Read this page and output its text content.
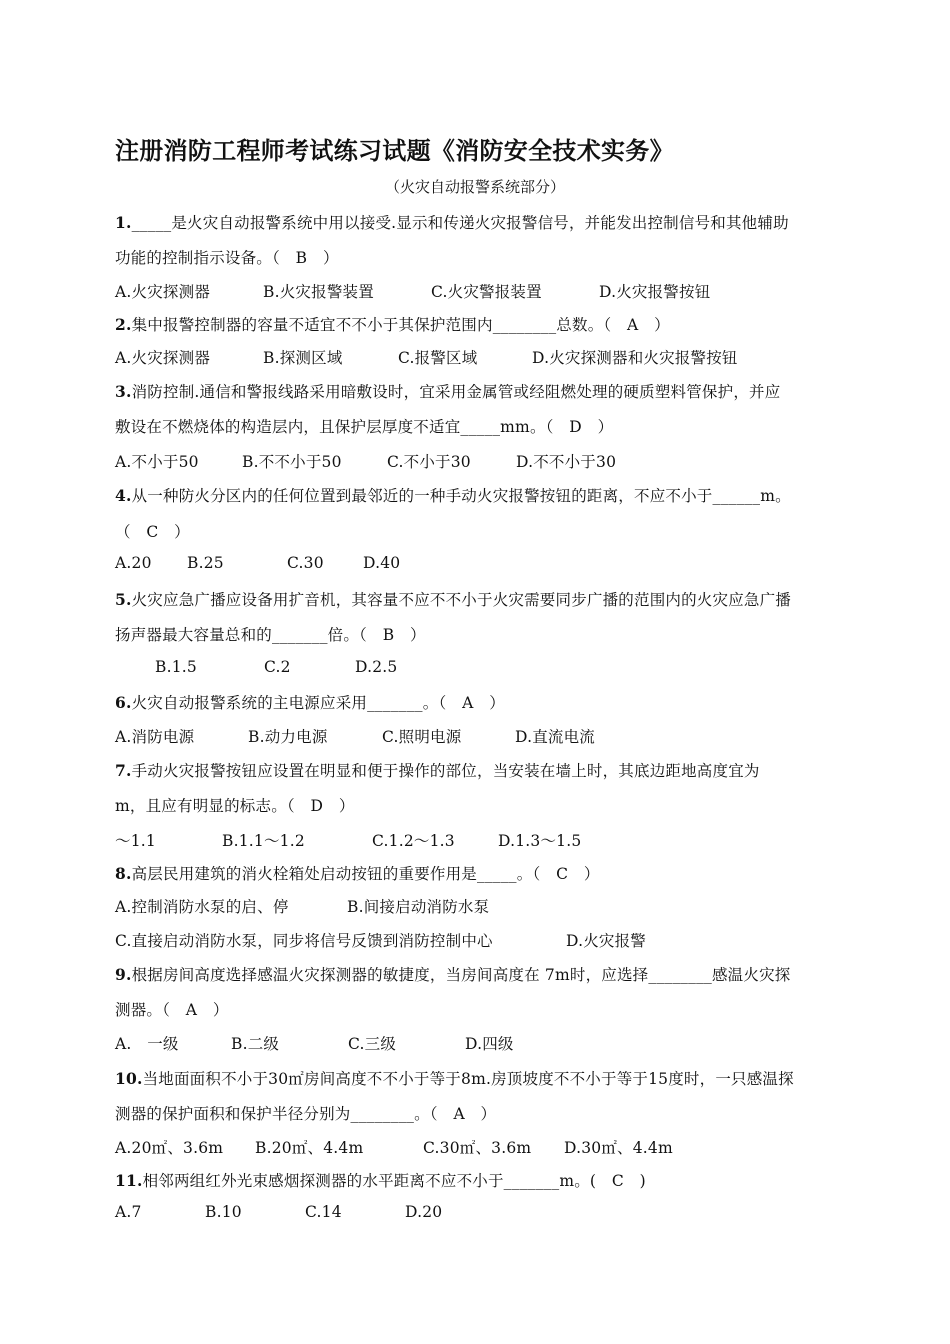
注册消防工程师考试练习试题《消防安全技术实务》
（火灾自动报警系统部分）
1._____是火灾自动报警系统中用以接受.显示和传递火灾报警信号，并能发出控制信号和其他辅助
功能的控制指示设备。（　B　）
A.火灾探测器	B.火灾报警装置	C.火灾警报装置	D.火灾报警按钮
2.集中报警控制器的容量不适宜不不小于其保护范围内________总数。（　A　）
A.火灾探测器	B.探测区域	C.报警区域	D.火灾探测器和火灾报警按钮
3.消防控制.通信和警报线路采用暗敷设时，宜采用金属管或经阻燃处理的硬质塑料管保护，并应
敷设在不燃烧体的构造层内，且保护层厚度不适宜_____mm。（　D　）
A.不小于50	B.不不小于50	C.不小于30	D.不不小于30
4.从一种防火分区内的任何位置到最邻近的一种手动火灾报警按钮的距离，不应不小于______m。
（　C　）
A.20 B.25	C.30	D.40
5.火灾应急广播应设备用扩音机，其容量不应不不小于火灾需要同步广播的范围内的火灾应急广播
扬声器最大容量总和的_______倍。（　B　）
B.1.5	C.2	D.2.5
6.火灾自动报警系统的主电源应采用_______。（　A　）
A.消防电源	B.动力电源	C.照明电源	D.直流电流
7.手动火灾报警按钮应设置在明显和便于操作的部位，当安装在墙上时，其底边距地高度宜为
m，且应有明显的标志。（　D　）
～1.1	B.1.1～1.2	C.1.2～1.3	D.1.3～1.5
8.高层民用建筑的消火栓箱处启动按钮的重要作用是_____。（　C　）
A.控制消防水泵的启、停	B.间接启动消防水泵
C.直接启动消防水泵，同步将信号反馈到消防控制中心	D.火灾报警
9.根据房间高度选择感温火灾探测器的敏捷度，当房间高度在 7m时，应选择________感温火灾探
测器。（　A　）
A.　一级	B.二级	C.三级	D.四级
10.当地面面积不小于30㎡房间高度不不小于等于8m.房顶坡度不不小于等于15度时，一只感温探
测器的保护面积和保护半径分别为________。（　A　）
A.20㎡、3.6m B.20㎡、4.4m	C.30㎡、3.6m D.30㎡、4.4m
11.相邻两组红外光束感烟探测器的水平距离不应不小于_______m。(　C　)
A.7	B.10	C.14	D.20
